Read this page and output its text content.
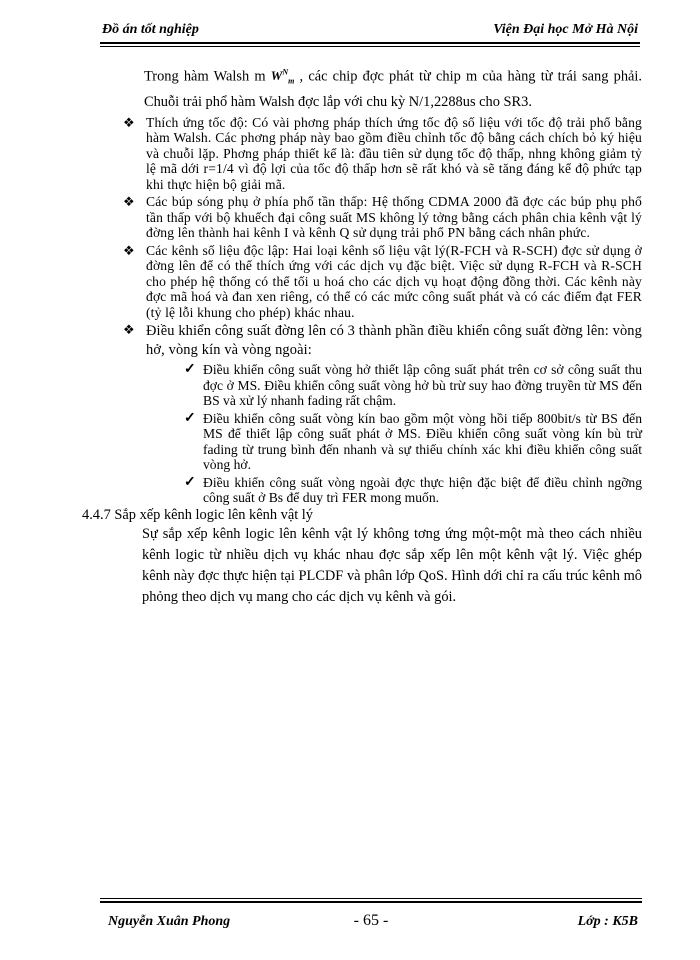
Đồ án tốt nghiệp	Viện Đại học Mở Hà Nội

Trong hàm Walsh m $W^N_m$ , các chip đợc phát từ chip m của hàng từ trái sang phải. Chuỗi trải phổ hàm Walsh đợc lắp với chu kỳ N/1,2288us cho SR3.

❖ Thích ứng tốc độ: Có vài phơng pháp thích ứng tốc độ số liệu với tốc độ trải phổ bằng hàm Walsh. Các phơng pháp này bao gồm điều chỉnh tốc độ bằng cách chích bỏ ký hiệu và chuỗi lặp. Phơng pháp thiết kế là: đầu tiên sử dụng tốc độ thấp, nhng không giảm tỷ lệ mã dới r=1/4 vì độ lợi của tốc độ thấp hơn sẽ rất khó và sẽ tăng đáng kể độ phức tạp khi thực hiện bộ giải mã.
❖ Các búp sóng phụ ở phía phổ tần thấp: Hệ thống CDMA 2000 đã đợc các búp phụ phổ tần thấp với bộ khuếch đại công suất MS không lý tởng bằng cách phân chia kênh vật lý đờng lên thành hai kênh I và kênh Q sử dụng trải phổ PN bằng cách nhân phức.
❖ Các kênh số liệu độc lập: Hai loại kênh số liệu vật lý(R-FCH và R-SCH) đợc sử dụng ở đờng lên để có thể thích ứng với các dịch vụ đặc biệt. Việc sử dụng R-FCH và R-SCH cho phép hệ thống có thể tối u hoá cho các dịch vụ hoạt động đồng thời. Các kênh này đợc mã hoá và đan xen riêng, có thể có các mức công suất phát và có các điểm đạt FER (tỷ lệ lỗi khung cho phép) khác nhau.
❖ Điều khiển công suất đờng lên có 3 thành phần điều khiển công suất đờng lên: vòng hở, vòng kín và vòng ngoài:
✓ Điều khiển công suất vòng hở thiết lập công suất phát trên cơ sở công suất thu đợc ở MS. Điều khiển công suất vòng hở bù trừ suy hao đờng truyền từ MS đến BS và xử lý nhanh fading rất chậm.
✓ Điều khiển công suất vòng kín bao gồm một vòng hồi tiếp 800bit/s từ BS đến MS để thiết lập công suất phát ở MS. Điều khiển công suất vòng kín bù trừ fading từ trung bình đến nhanh và sự thiếu chính xác khi điều khiển công suất vòng hở.
✓ Điều khiển công suất vòng ngoài đợc thực hiện đặc biệt để điều chỉnh ngỡng công suất ở Bs để duy trì FER mong muốn.

4.4.7 Sắp xếp kênh logic lên kênh vật lý

Sự sắp xếp kênh logic lên kênh vật lý không tơng ứng một-một mà theo cách nhiều kênh logic từ nhiều dịch vụ khác nhau đợc sắp xếp lên một kênh vật lý. Việc ghép kênh này đợc thực hiện tại PLCDF và phân lớp QoS. Hình dới chỉ ra cấu trúc kênh mô phỏng theo dịch vụ mang cho các dịch vụ kênh và gói.

Nguyễn Xuân Phong	- 65 -	Lớp : K5B
